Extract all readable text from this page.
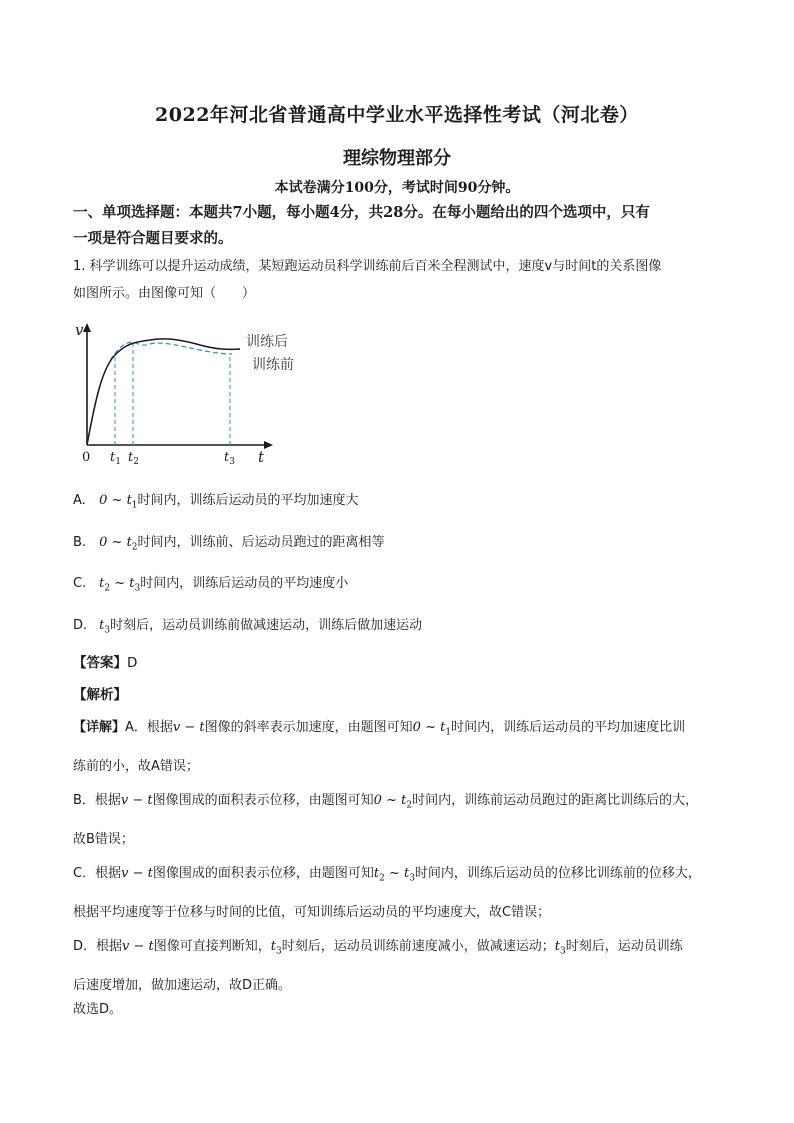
2022年河北省普通高中学业水平选择性考试（河北卷）
理综物理部分
本试卷满分100分，考试时间90分钟。
一、单项选择题：本题共7小题，每小题4分，共28分。在每小题给出的四个选项中，只有
一项是符合题目要求的。
1. 科学训练可以提升运动成绩，某短跑运动员科学训练前后百米全程测试中，速度v与时间t的关系图像
如图所示。由图像可知（　　）
v
t
0 $t_1$ $t_2$	$t_3$
训练后
训练前
A. 0 ~ $t_1$时间内，训练后运动员的平均加速度大
B. 0 ~ $t_2$时间内，训练前、后运动员跑过的距离相等
C. $t_2$ ~ $t_3$时间内，训练后运动员的平均速度小
D. $t_3$时刻后，运动员训练前做减速运动，训练后做加速运动
【答案】D
【解析】
【详解】A．根据v − t图像的斜率表示加速度，由题图可知0 ~ $t_1$时间内，训练后运动员的平均加速度比训
练前的小，故A错误；
B．根据v − t图像围成的面积表示位移，由题图可知0 ~ $t_2$时间内，训练前运动员跑过的距离比训练后的大，
故B错误；
C．根据v − t图像围成的面积表示位移，由题图可知$t_2$ ~ $t_3$时间内，训练后运动员的位移比训练前的位移大，
根据平均速度等于位移与时间的比值，可知训练后运动员的平均速度大，故C错误；
D．根据v − t图像可直接判断知，$t_3$时刻后，运动员训练前速度减小，做减速运动；$t_3$时刻后，运动员训练
后速度增加，做加速运动，故D正确。
故选D。
